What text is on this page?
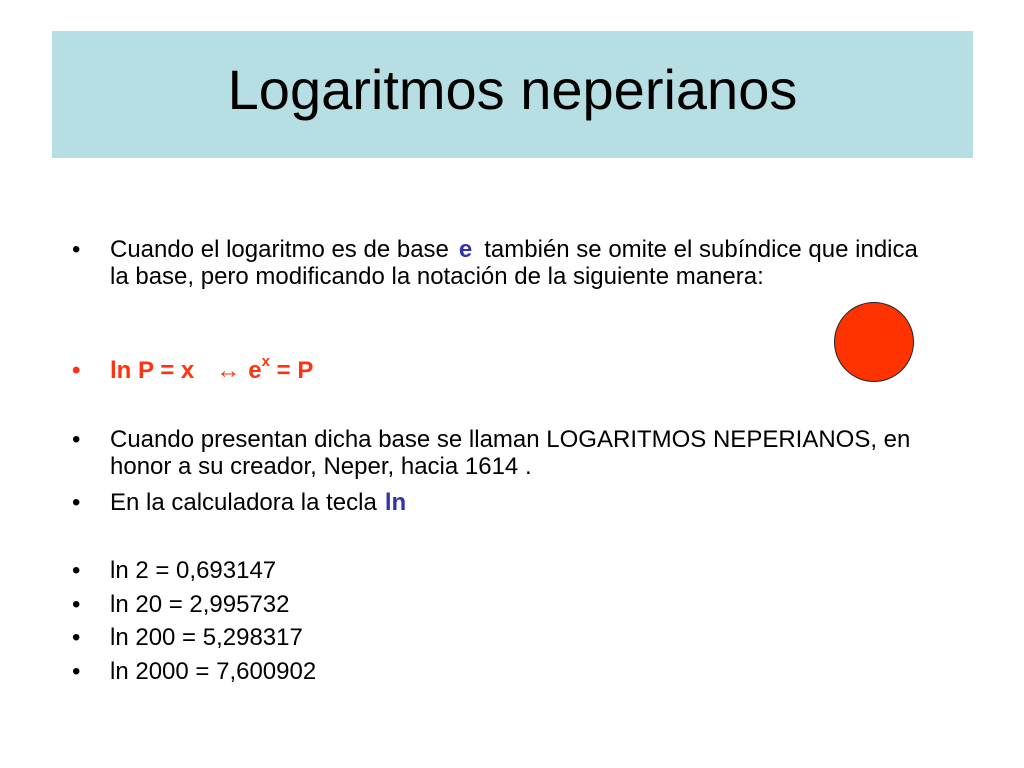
Logaritmos neperianos
•	Cuando el logaritmo es de base e también se omite el subíndice que indica la base, pero modificando la notación de la siguiente manera:
•	ln P = x ↔ $e^x = P$
•	Cuando presentan dicha base se llaman LOGARITMOS NEPERIANOS, en honor a su creador, Neper, hacia 1614 .
•	En la calculadora la tecla ln
•	ln 2 = 0,693147
•	ln 20 = 2,995732
•	ln 200 = 5,298317
•	ln 2000 = 7,600902
